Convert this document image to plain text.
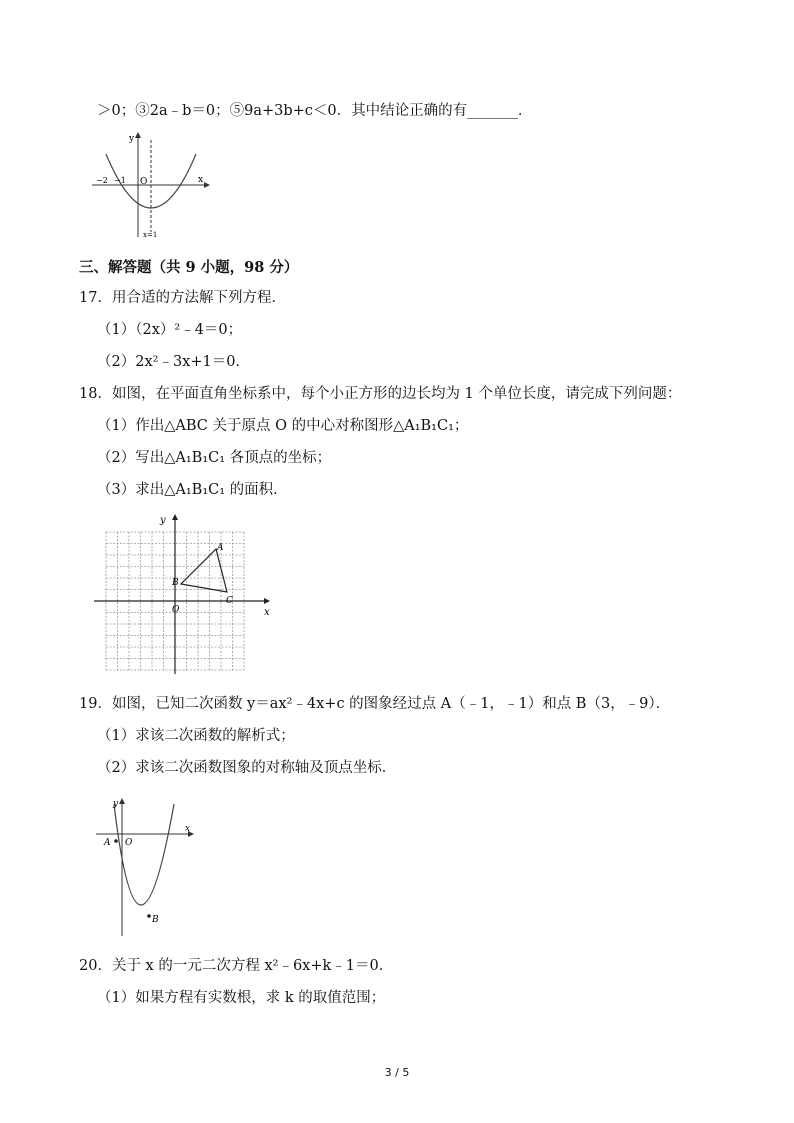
＞0；③2a﹣b＝0；⑤9a+3b+c＜0．其中结论正确的有_______．
y
x
O
−2 −1
x=1
三、解答题（共 9 小题，98 分）
17．用合适的方法解下列方程．
（1）（2x）²﹣4＝0；
（2）2x²﹣3x+1＝0．
18．如图，在平面直角坐标系中，每个小正方形的边长均为 1 个单位长度，请完成下列问题：
（1）作出△ABC 关于原点 O 的中心对称图形△A₁B₁C₁；
（2）写出△A₁B₁C₁ 各顶点的坐标；
（3）求出△A₁B₁C₁ 的面积．
y
x
O
A
B
C
19．如图，已知二次函数 y＝ax²﹣4x+c 的图象经过点 A（﹣1，﹣1）和点 B（3，﹣9）．
（1）求该二次函数的解析式；
（2）求该二次函数图象的对称轴及顶点坐标．
y
x
O
A
B
20．关于 x 的一元二次方程 x²﹣6x+k﹣1＝0．
（1）如果方程有实数根，求 k 的取值范围；
3 / 5
